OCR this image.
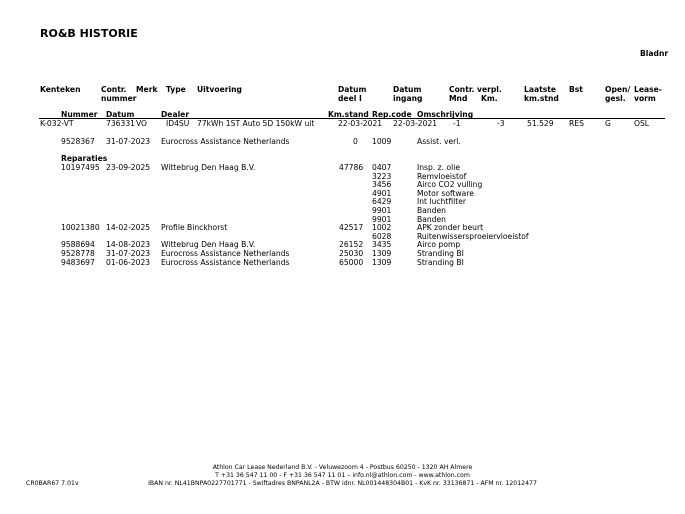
RO&B HISTORIE
Bladnr
Kenteken	Contr.
nummer
Merk Type Uitvoering	Datum
deel I
Datum
ingang
Contr. verpl.
Mnd Km.
Laatste
km.stnd
Bst	Open/
gesl.
Lease-
vorm
Nummer Datum	Dealer	Km.stand Rep.code Omschrijving
K-032-VT	736331 VO ID4SU 77kWh 1ST Auto 5D 150kW uit	22-03-2021 22-03-2021 -1	-3	51.529 RES	G	OSL
9528367 31-07-2023 Eurocross Assistance Netherlands	0 1009	Assist. verl.
Reparaties
10197495 23-09-2025 Wittebrug Den Haag B.V.	47786 0407	Insp. z. olie
3223	Remvloeistof
3456	Airco CO2 vulling
4901	Motor software
6429	Int luchtfilter
9901	Banden
9901	Banden
10021380 14-02-2025 Profile Binckhorst	42517 1002	APK zonder beurt
6028	Ruitenwissersproeiervloeistof
9588694 14-08-2023 Wittebrug Den Haag B.V.	26152 3435	Airco pomp
9528778 31-07-2023 Eurocross Assistance Netherlands	25030 1309	Stranding BI
9483697 01-06-2023 Eurocross Assistance Netherlands	65000 1309	Stranding BI
Athlon Car Lease Nederland B.V. - Veluwezoom 4 - Postbus 60250 - 1320 AH Almere
T +31 36 547 11 00 - F +31 36 547 11 01 – info.nl@athlon.com - www.athlon.com
CR0BAR67 7.01v	IBAN nr. NL41BNPA0227701771 - Swiftadres BNPANL2A - BTW idnr. NL001448304B01 - KvK nr. 33136871 - AFM nr. 12012477
